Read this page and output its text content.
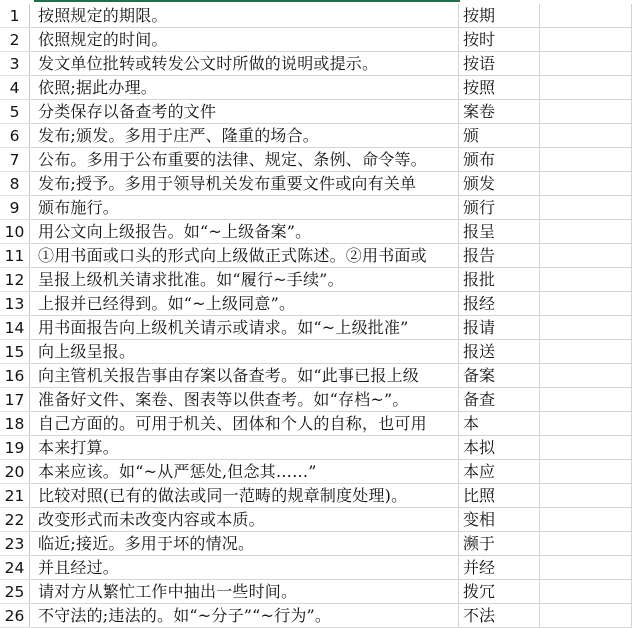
1	按照规定的期限。	按期
2	依照规定的时间。	按时
3	发文单位批转或转发公文时所做的说明或提示。	按语
4	依照;据此办理。	按照
5	分类保存以备查考的文件	案卷
6	发布;颁发。多用于庄严、隆重的场合。	颁
7	公布。多用于公布重要的法律、规定、条例、命令等。	颁布
8	发布;授予。多用于领导机关发布重要文件或向有关单	颁发
9	颁布施行。	颁行
10 用公文向上级报告。如“~上级备案”。	报呈
11 ①用书面或口头的形式向上级做正式陈述。②用书面或	报告
12 呈报上级机关请求批准。如“履行~手续”。	报批
13 上报并已经得到。如“~上级同意”。	报经
14 用书面报告向上级机关请示或请求。如“~上级批准”	报请
15 向上级呈报。	报送
16 向主管机关报告事由存案以备查考。如“此事已报上级	备案
17 准备好文件、案卷、图表等以供查考。如“存档~”。	备查
18 自己方面的。可用于机关、团体和个人的自称，也可用	本
19 本来打算。	本拟
20 本来应该。如“~从严惩处,但念其……”	本应
21 比较对照(已有的做法或同一范畴的规章制度处理)。	比照
22 改变形式而未改变内容或本质。	变相
23 临近;接近。多用于坏的情况。	濒于
24 并且经过。	并经
25 请对方从繁忙工作中抽出一些时间。	拨冗
26 不守法的;违法的。如“~分子”“~行为”。	不法
